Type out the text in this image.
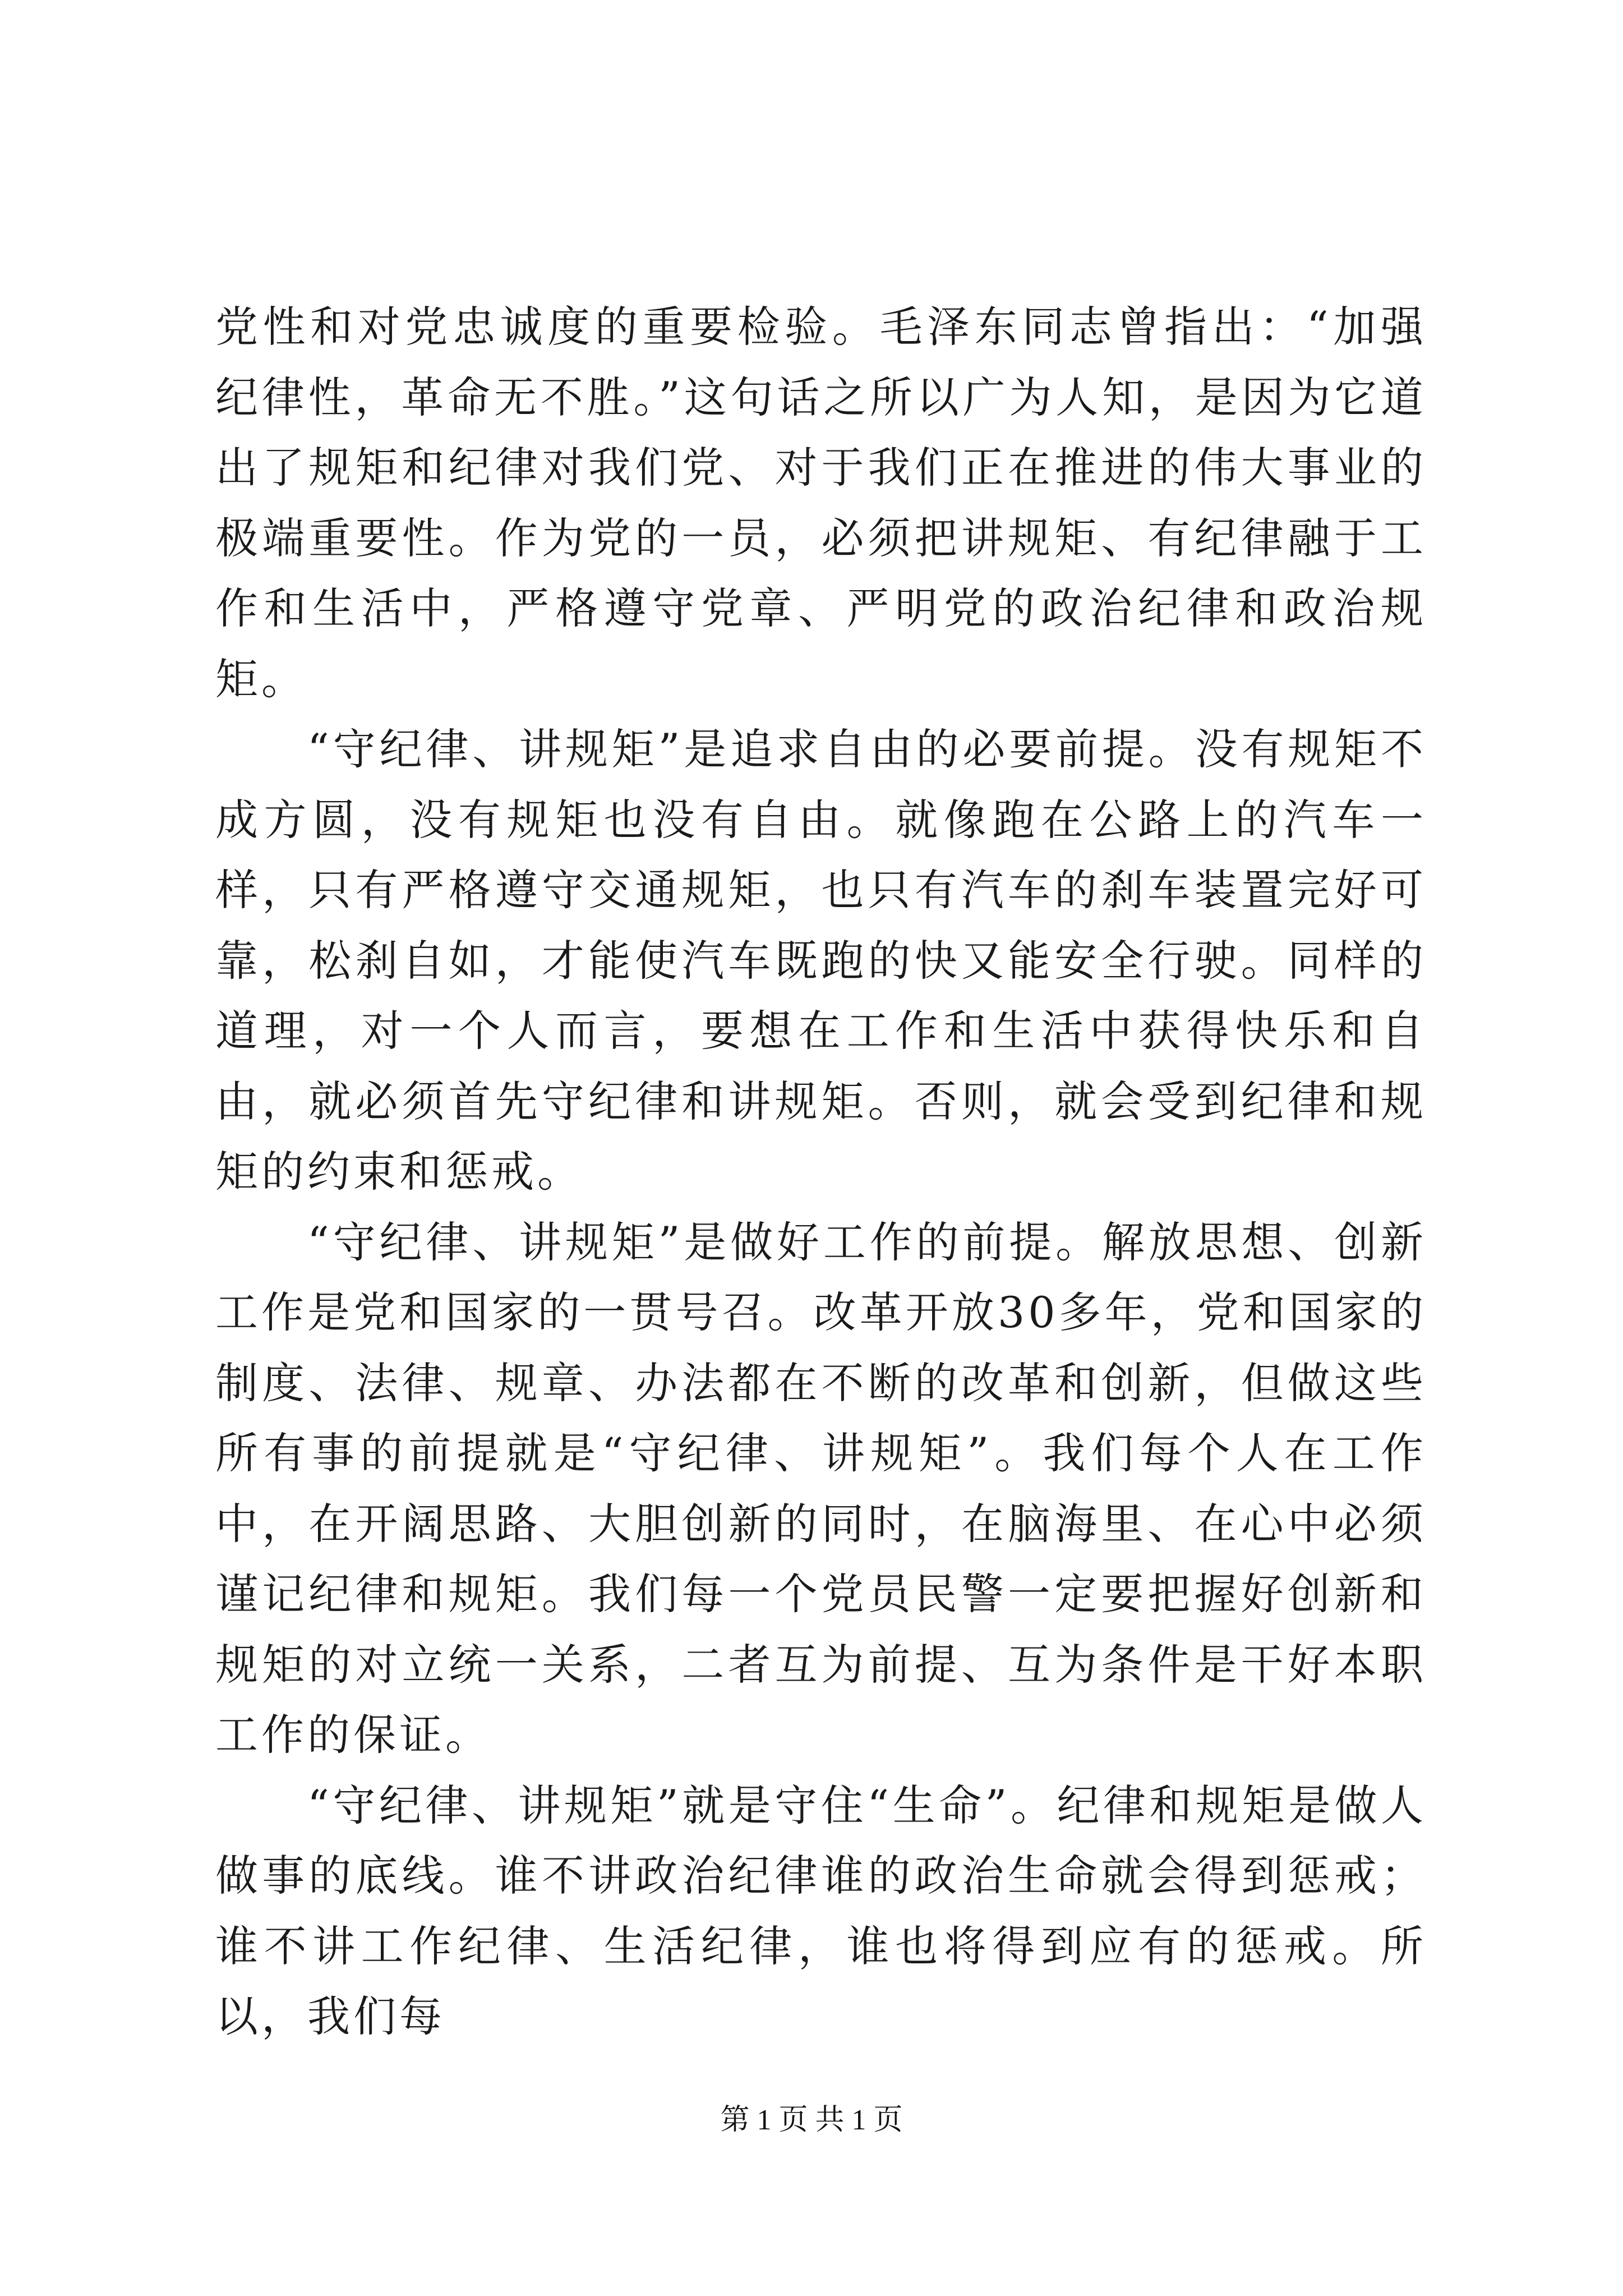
党性和对党忠诚度的重要检验。毛泽东同志曾指出：“加强纪律性，革命无不胜。”这句话之所以广为人知，是因为它道出了规矩和纪律对我们党、对于我们正在推进的伟大事业的极端重要性。作为党的一员，必须把讲规矩、有纪律融于工作和生活中，严格遵守党章、严明党的政治纪律和政治规矩。

“守纪律、讲规矩”是追求自由的必要前提。没有规矩不成方圆，没有规矩也没有自由。就像跑在公路上的汽车一样，只有严格遵守交通规矩，也只有汽车的刹车装置完好可靠，松刹自如，才能使汽车既跑的快又能安全行驶。同样的道理，对一个人而言，要想在工作和生活中获得快乐和自由，就必须首先守纪律和讲规矩。否则，就会受到纪律和规矩的约束和惩戒。

“守纪律、讲规矩”是做好工作的前提。解放思想、创新工作是党和国家的一贯号召。改革开放30多年，党和国家的制度、法律、规章、办法都在不断的改革和创新，但做这些所有事的前提就是“守纪律、讲规矩”。我们每个人在工作中，在开阔思路、大胆创新的同时，在脑海里、在心中必须谨记纪律和规矩。我们每一个党员民警一定要把握好创新和规矩的对立统一关系，二者互为前提、互为条件是干好本职工作的保证。

“守纪律、讲规矩”就是守住“生命”。纪律和规矩是做人做事的底线。谁不讲政治纪律谁的政治生命就会得到惩戒；谁不讲工作纪律、生活纪律，谁也将得到应有的惩戒。所以，我们每

第 1 页 共 1 页
